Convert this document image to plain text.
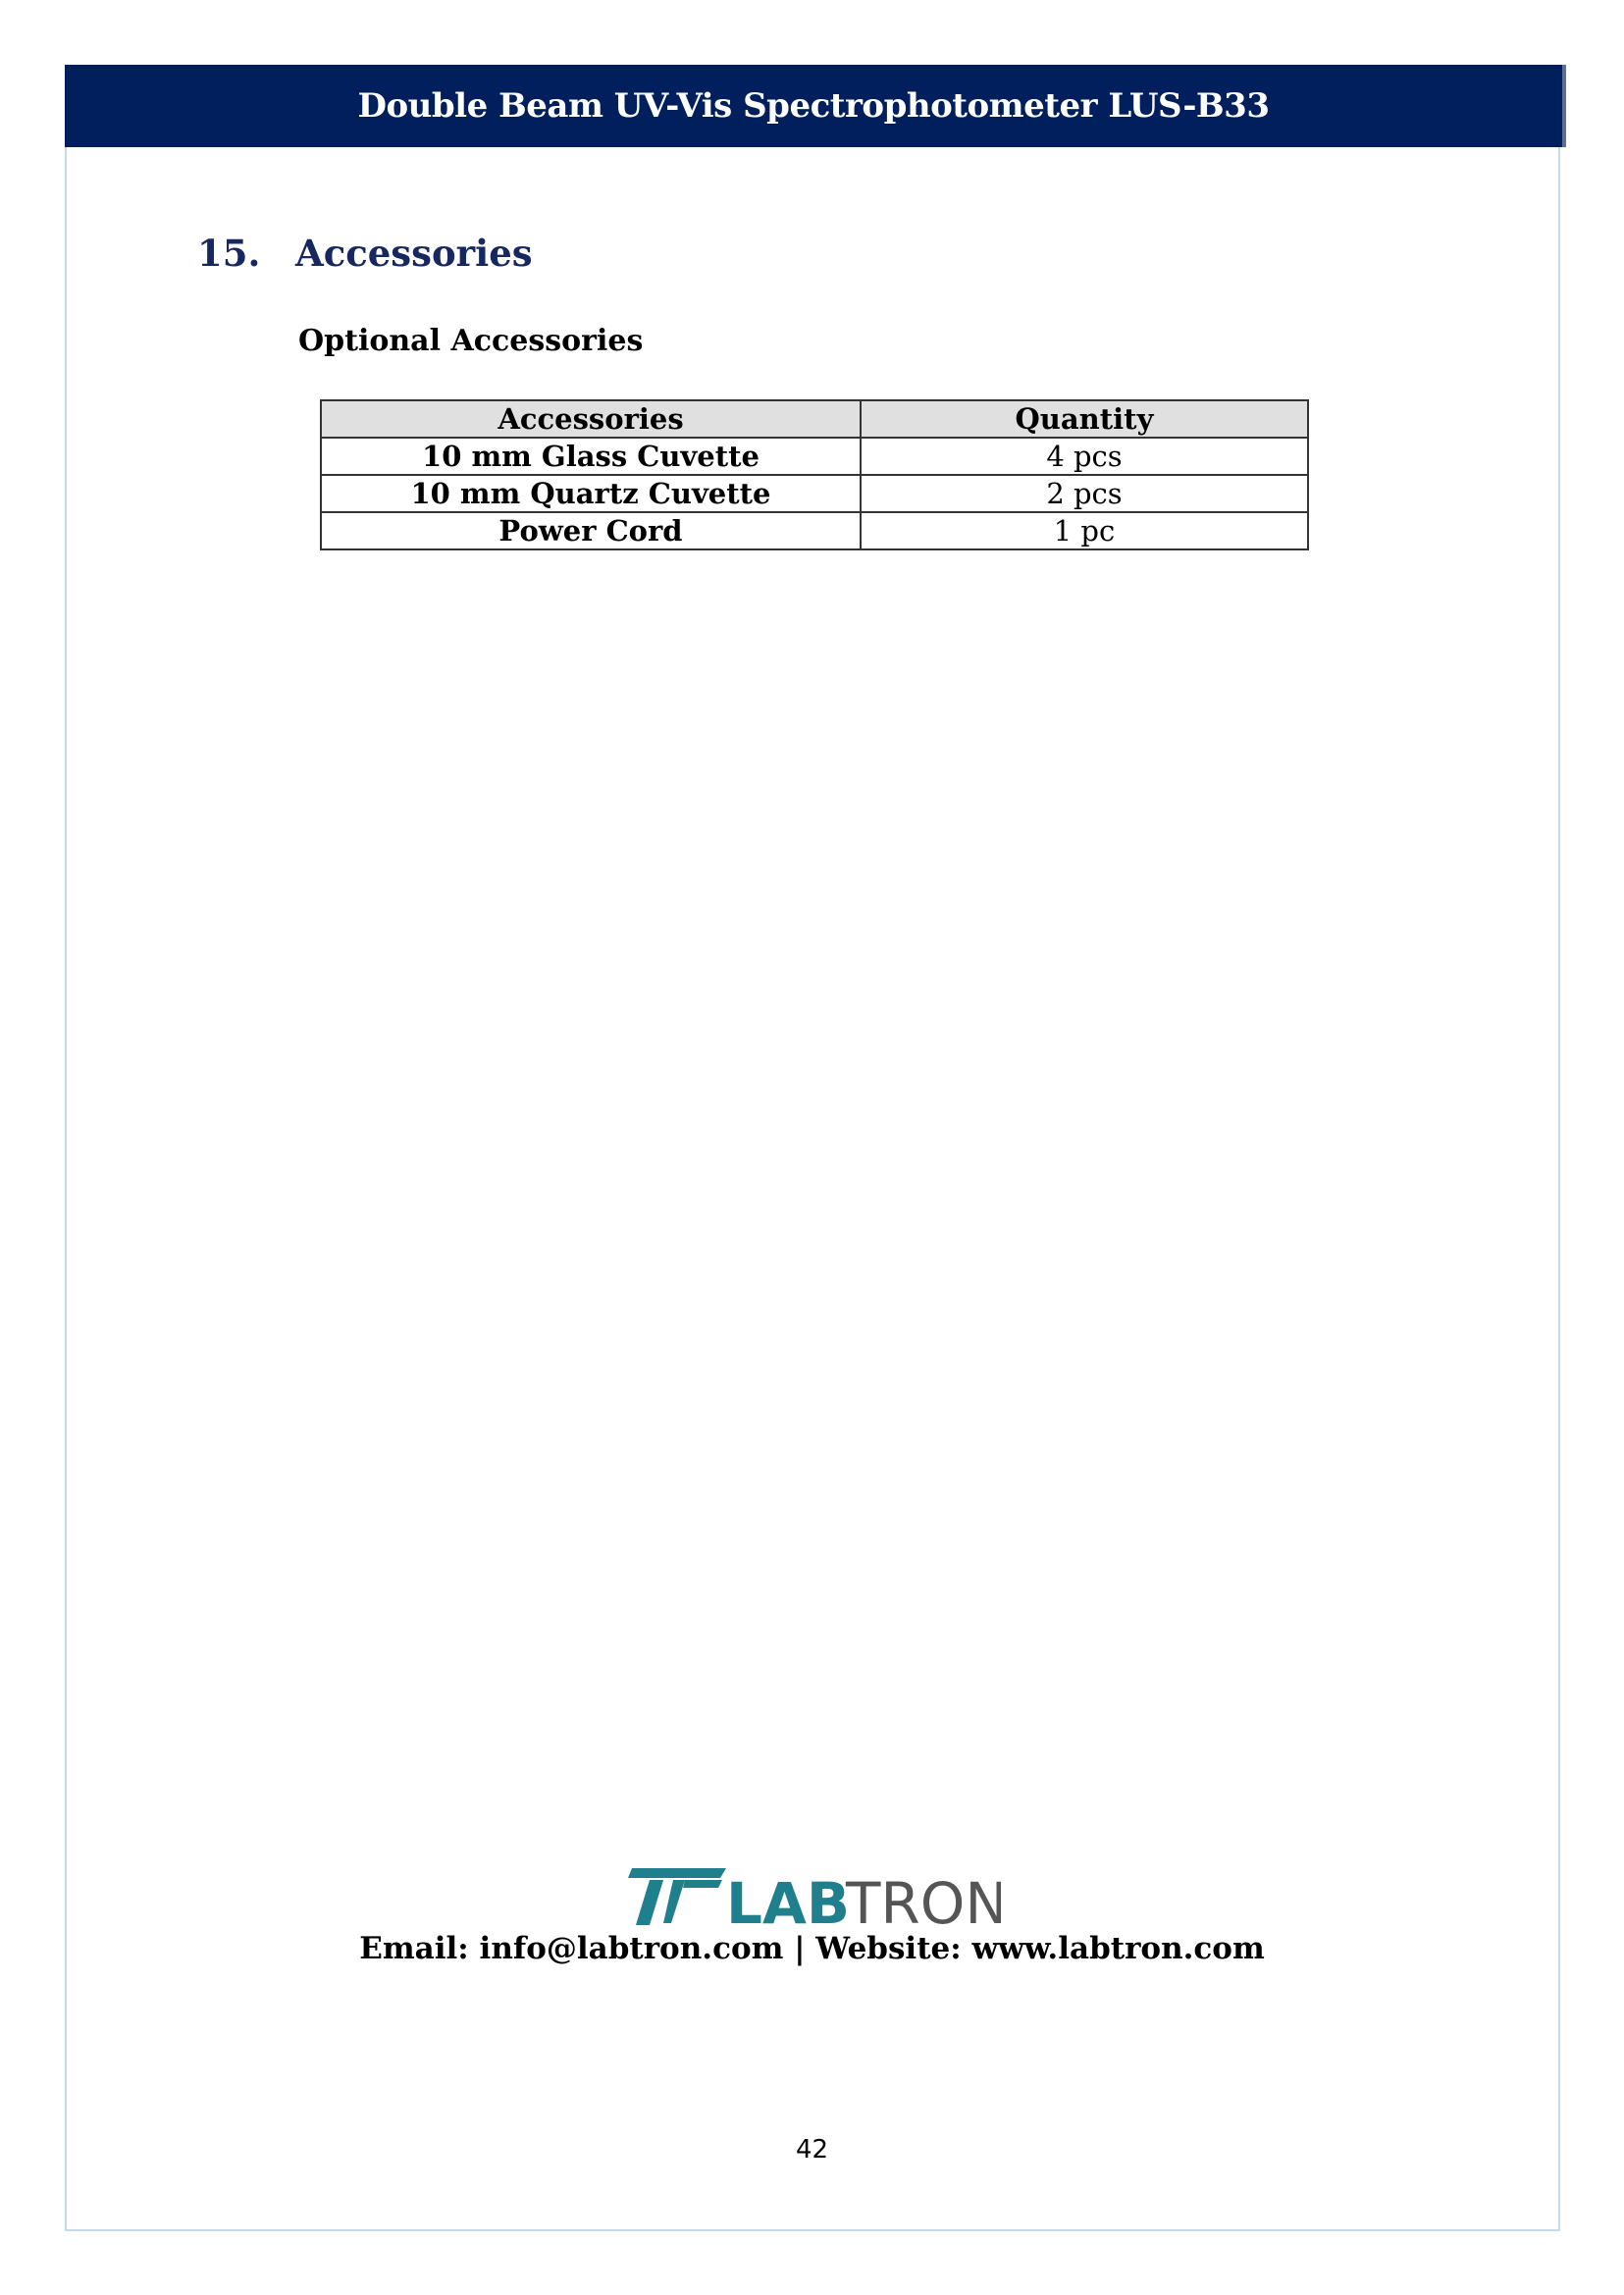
Double Beam UV-Vis Spectrophotometer LUS-B33
15. Accessories
Optional Accessories
Accessories	Quantity
10 mm Glass Cuvette	4 pcs
10 mm Quartz Cuvette	2 pcs
Power Cord	1 pc
LAB
TRON
Email: info@labtron.com | Website: www.labtron.com
42
